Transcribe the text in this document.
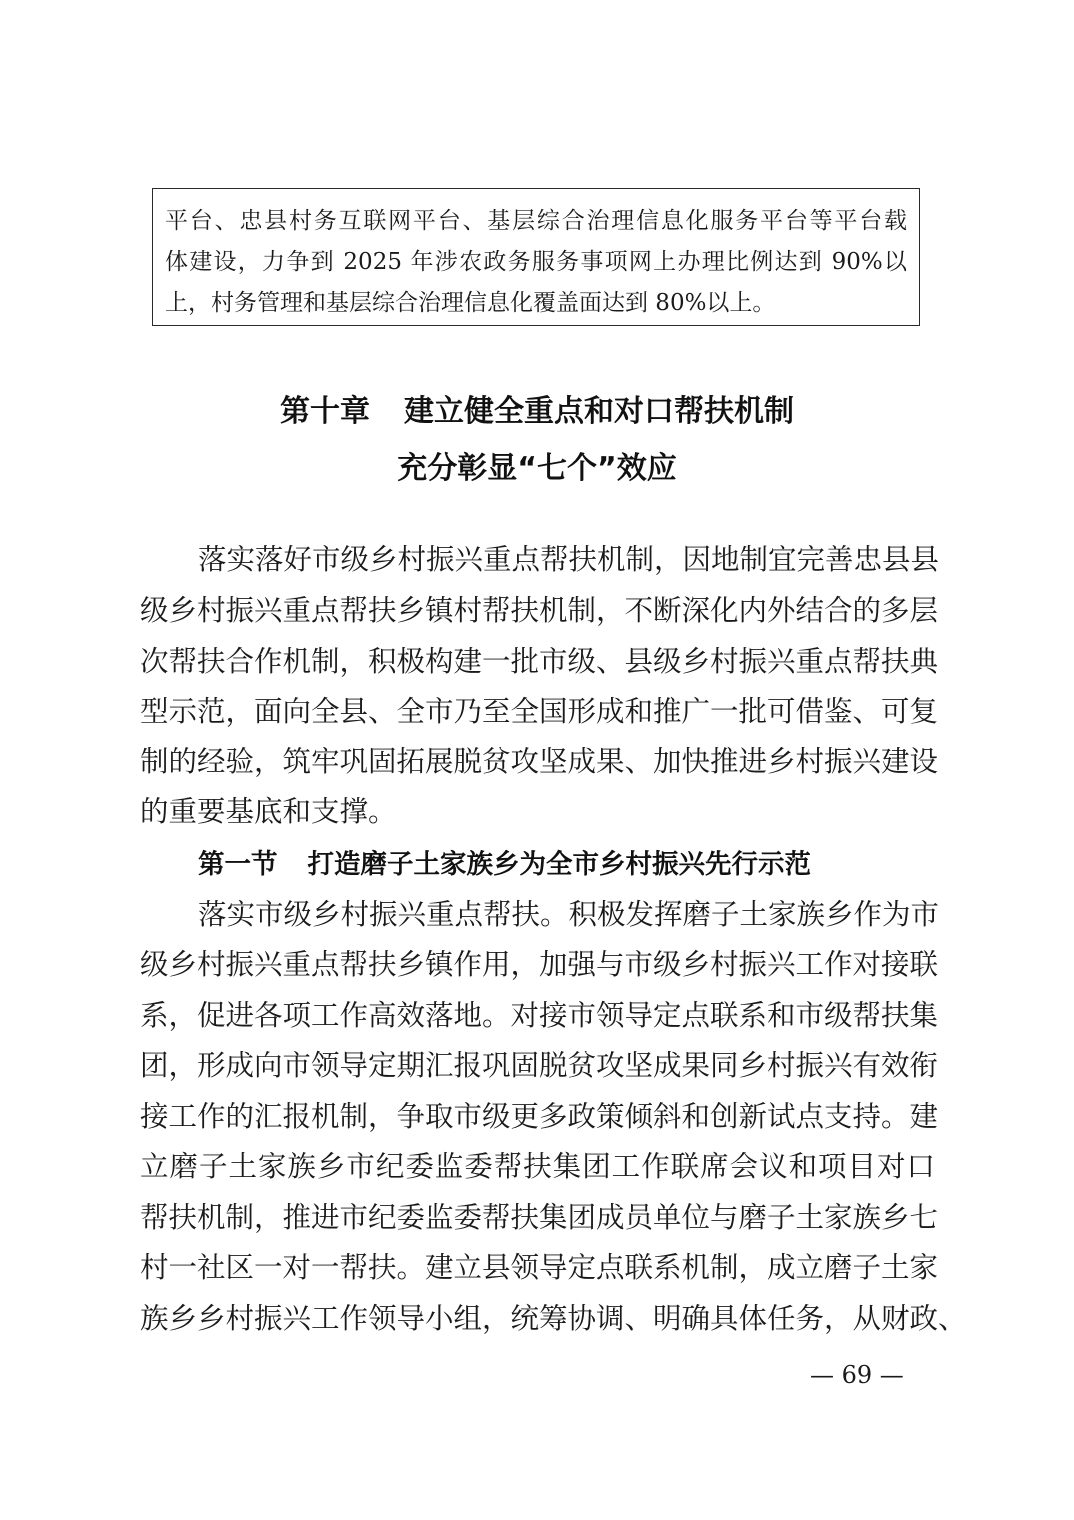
平台、忠县村务互联网平台、基层综合治理信息化服务平台等平台载
体建设，力争到 2025 年涉农政务服务事项网上办理比例达到 90%以
上，村务管理和基层综合治理信息化覆盖面达到 80%以上。
第十章 建立健全重点和对口帮扶机制
充分彰显“七个”效应
落实落好市级乡村振兴重点帮扶机制，因地制宜完善忠县县
级乡村振兴重点帮扶乡镇村帮扶机制，不断深化内外结合的多层
次帮扶合作机制，积极构建一批市级、县级乡村振兴重点帮扶典
型示范，面向全县、全市乃至全国形成和推广一批可借鉴、可复
制的经验，筑牢巩固拓展脱贫攻坚成果、加快推进乡村振兴建设
的重要基底和支撑。
第一节 打造磨子土家族乡为全市乡村振兴先行示范
落实市级乡村振兴重点帮扶。积极发挥磨子土家族乡作为市
级乡村振兴重点帮扶乡镇作用，加强与市级乡村振兴工作对接联
系，促进各项工作高效落地。对接市领导定点联系和市级帮扶集
团，形成向市领导定期汇报巩固脱贫攻坚成果同乡村振兴有效衔
接工作的汇报机制，争取市级更多政策倾斜和创新试点支持。建
立磨子土家族乡市纪委监委帮扶集团工作联席会议和项目对口
帮扶机制，推进市纪委监委帮扶集团成员单位与磨子土家族乡七
村一社区一对一帮扶。建立县领导定点联系机制，成立磨子土家
族乡乡村振兴工作领导小组，统筹协调、明确具体任务，从财政、
— 69 —
